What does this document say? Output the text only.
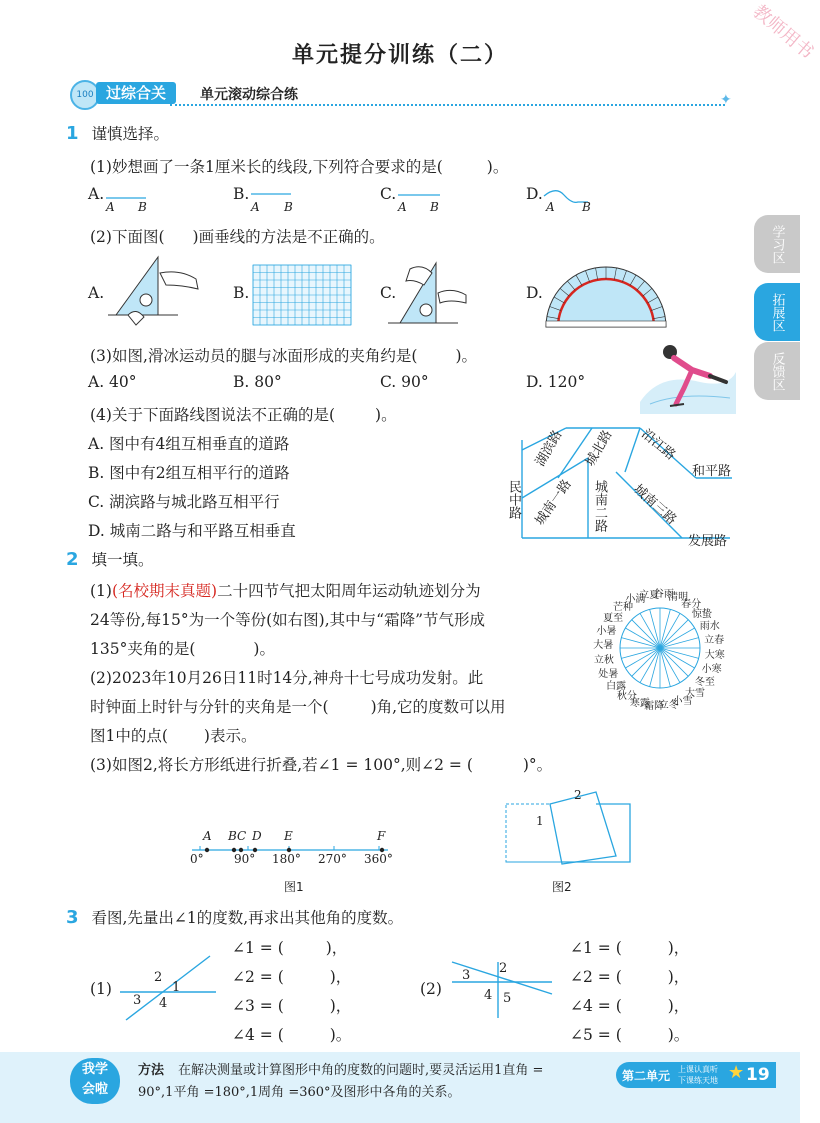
教师用书
单元提分训练（二）
100 过综合关	单元滚动综合练	✦
学习区
拓展区
反馈区
1 谨慎选择。
(1)妙想画了一条1厘米长的线段,下列符合要求的是(	)。
A.	B.	C.	D.
A B	A B	A B	A B
(2)下面图( )画垂线的方法是不正确的。
A.	B.	C.	D.
(3)如图,滑冰运动员的腿与冰面形成的夹角约是( )。
A. 40°	B. 80°	C. 90°	D. 120°
(4)关于下面路线图说法不正确的是(	)。
A. 图中有4组互相垂直的道路
B. 图中有2组互相平行的道路
C. 湖滨路与城北路互相平行
D. 城南二路与和平路互相垂直
湖滨路 城北路 沿江路
和平路
民中路 城南一路 城南二路 城南三路
发展路
2 填一填。
(1)(名校期末真题)二十四节气把太阳周年运动轨迹划分为
24等份,每15°为一个等份(如右图),其中与“霜降”节气形成
135°夹角的是(	)。
(2)2023年10月26日11时14分,神舟十七号成功发射。此
时钟面上时针与分针的夹角是一个(	)角,它的度数可以用
图1中的点( )表示。
(3)如图2,将长方形纸进行折叠,若∠1 = 100°,则∠2 = (	)°。
立夏
小满
芒种
夏至
小暑
大暑
立秋
处暑
白露
秋分
寒露
霜降
立冬
小雪
大雪
冬至
小寒
大寒
立春
雨水
惊蛰
春分
清明
谷雨
A BC D E	F
0°	90° 180° 270° 360°
图1
1
2
图2
3 看图,先量出∠1的度数,再求出其他角的度数。
(1)
2
1
3 4
∠1 = (	)，
∠2 = (	)，
∠3 = (	)，
∠4 = (	)。
(2)
3 2
4 5
∠1 = (	)，
∠2 = (	)，
∠4 = (	)，
∠5 = (	)。
我学会啦
方法 在解决测量或计算图形中角的度数的问题时,要灵活运用1直角 =
90°,1平角 =180°,1周角 =360°及图形中各角的关系。
第二单元 上课认真听
下课练天地 ★ 19
